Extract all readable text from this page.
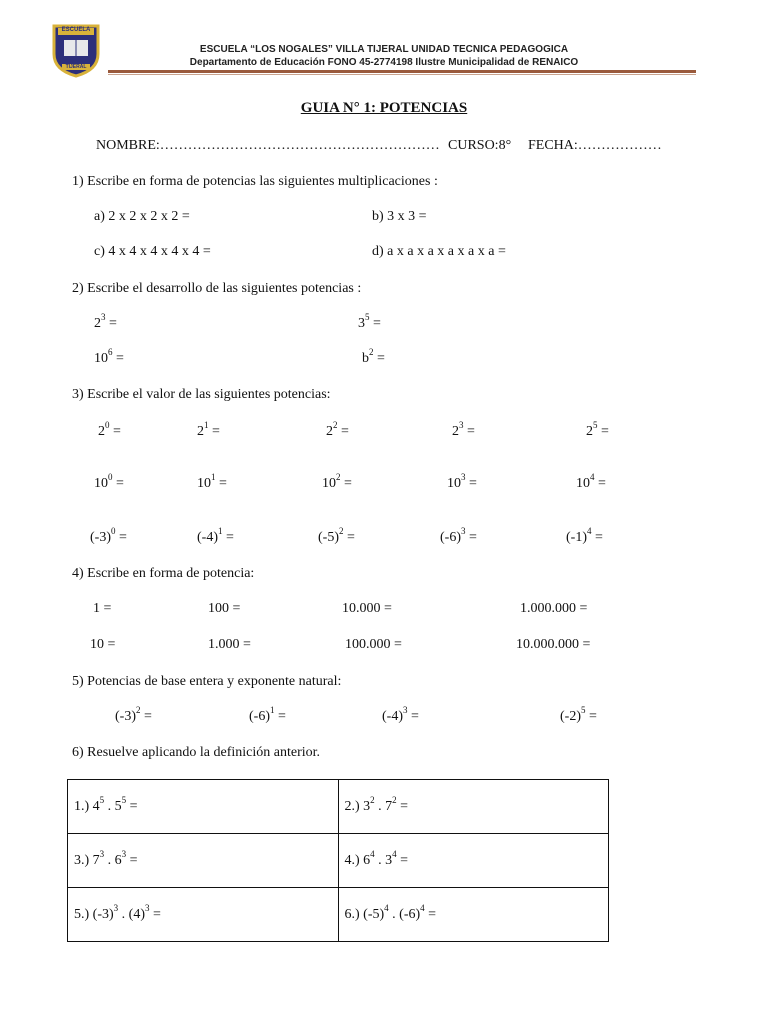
ESCUELA
TIJERAL
ESCUELA “LOS NOGALES” VILLA TIJERAL UNIDAD TECNICA PEDAGOGICA
Departamento de Educación FONO 45-2774198 Ilustre Municipalidad de RENAICO
GUIA N° 1: POTENCIAS
NOMBRE:…………………………………………………… CURSO:8° FECHA:………………
1) Escribe en forma de potencias las siguientes multiplicaciones :
a) 2 x 2 x 2 x 2 =	b) 3 x 3 =
c) 4 x 4 x 4 x 4 x 4 =	d) a x a x a x a x a x a =
2) Escribe el desarrollo de las siguientes potencias :
$2^3$ =	$3^5$ =
$10^6$ =	$b^2$ =
3) Escribe el valor de las siguientes potencias:
$2^0$ =	$2^1$ =	$2^2$ =	$2^3$ =	$2^5$ =
$10^0$ =	$10^1$ =	$10^2$ =	$10^3$ =	$10^4$ =
$(-3)^0$ =	$(-4)^1$ =	$(-5)^2$ =	$(-6)^3$ =	$(-1)^4$ =
4) Escribe en forma de potencia:
1 =	100 =	10.000 =	1.000.000 =
10 =	1.000 =	100.000 =	10.000.000 =
5) Potencias de base entera y exponente natural:
$(-3)^2$ =	$(-6)^1$ =	$(-4)^3$ =	$(-2)^5$ =
6) Resuelve aplicando la definición anterior.
1.) $4^5$ . $5^5$ =	2.) $3^2$ . $7^2$ =
3.) $7^3$ . $6^3$ =	4.) $6^4$ . $3^4$ =
5.) $(-3)^3$ . $(4)^3$ =	6.) $(-5)^4$ . $(-6)^4$ =
